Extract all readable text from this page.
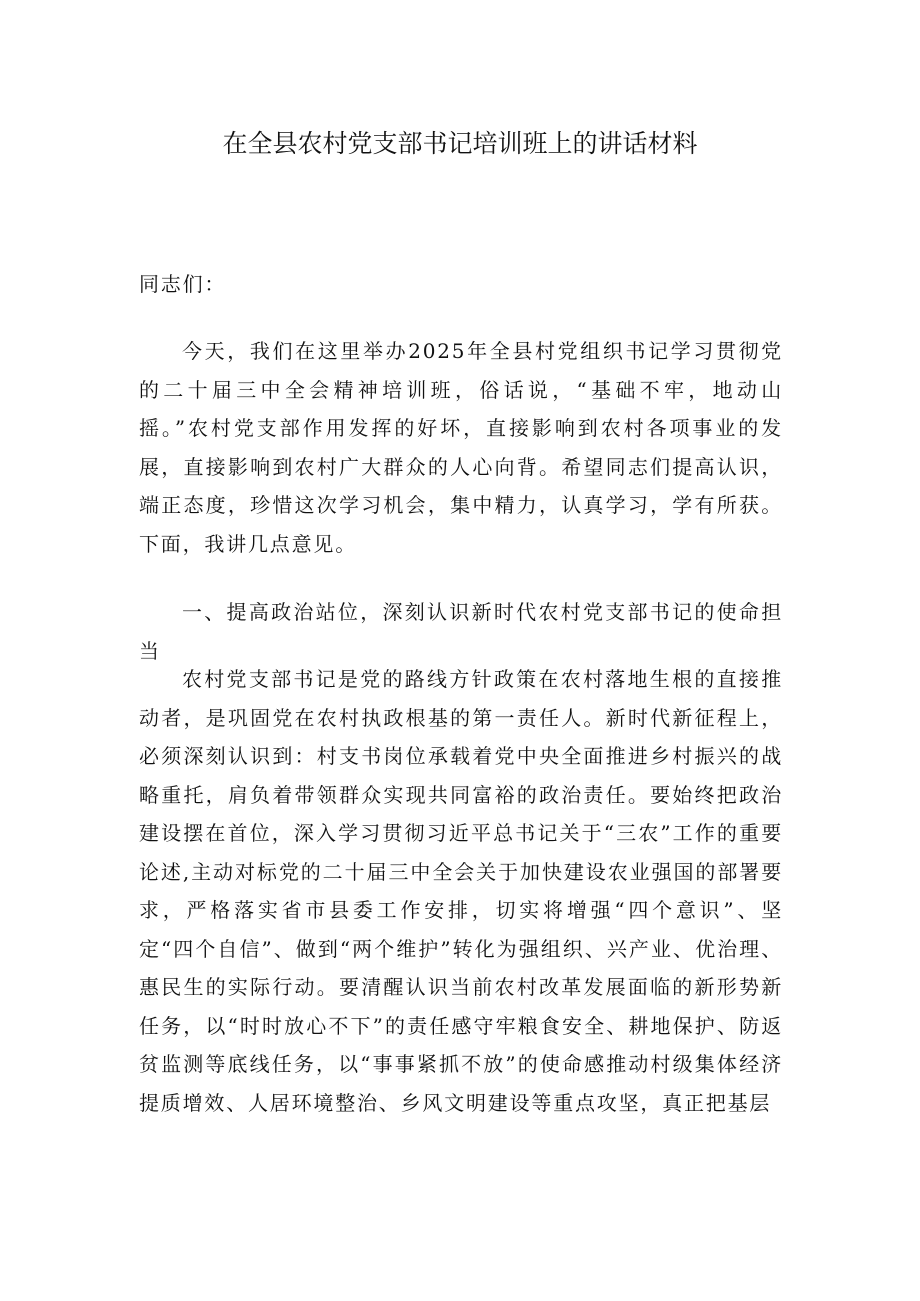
在全县农村党支部书记培训班上的讲话材料
同志们：
今天，我们在这里举办2025年全县村党组织书记学习贯彻党的二十届三中全会精神培训班，俗话说，“基础不牢，地动山摇。”农村党支部作用发挥的好坏，直接影响到农村各项事业的发展，直接影响到农村广大群众的人心向背。希望同志们提高认识，端正态度，珍惜这次学习机会，集中精力，认真学习，学有所获。下面，我讲几点意见。
一、提高政治站位，深刻认识新时代农村党支部书记的使命担当
农村党支部书记是党的路线方针政策在农村落地生根的直接推动者，是巩固党在农村执政根基的第一责任人。新时代新征程上，必须深刻认识到：村支书岗位承载着党中央全面推进乡村振兴的战略重托，肩负着带领群众实现共同富裕的政治责任。要始终把政治建设摆在首位，深入学习贯彻习近平总书记关于“三农”工作的重要论述,主动对标党的二十届三中全会关于加快建设农业强国的部署要求，严格落实省市县委工作安排，切实将增强“四个意识”、坚定“四个自信”、做到“两个维护”转化为强组织、兴产业、优治理、惠民生的实际行动。要清醒认识当前农村改革发展面临的新形势新任务，以“时时放心不下”的责任感守牢粮食安全、耕地保护、防返贫监测等底线任务，以“事事紧抓不放”的使命感推动村级集体经济提质增效、人居环境整治、乡风文明建设等重点攻坚，真正把基层
